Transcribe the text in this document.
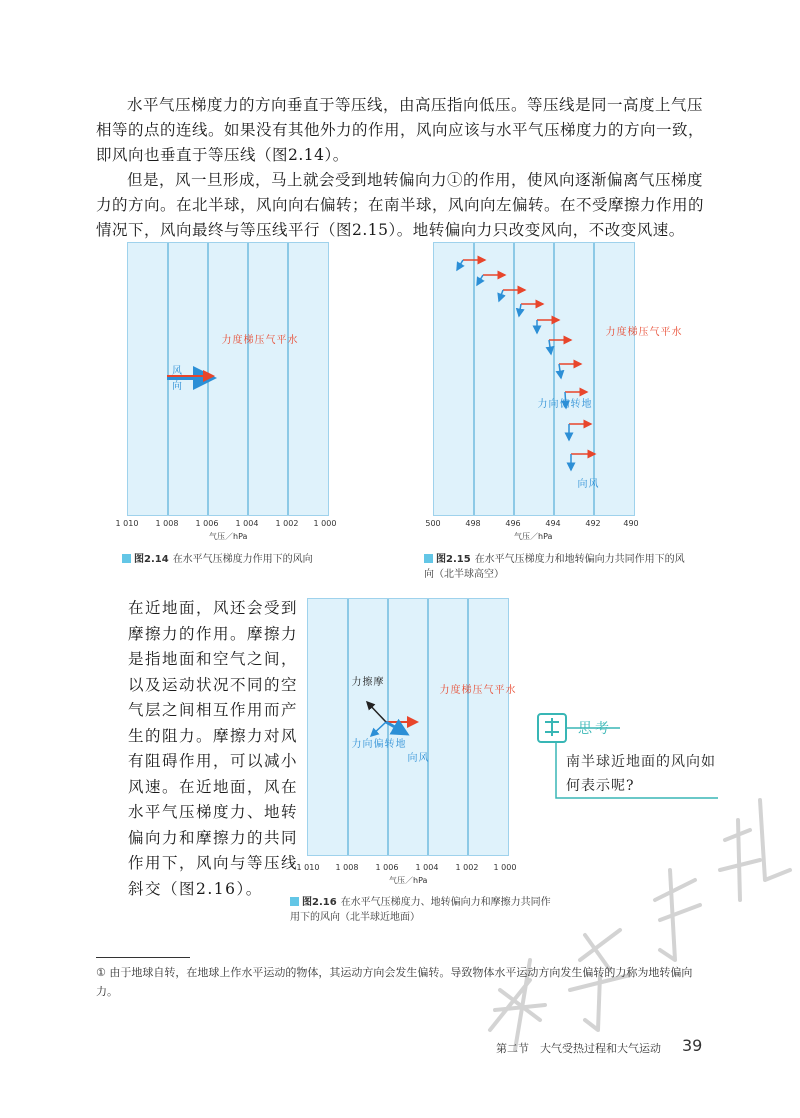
水平气压梯度力的方向垂直于等压线，由高压指向低压。等压线是同一高度上气压相等的点的连线。如果没有其他外力的作用，风向应该与水平气压梯度力的方向一致，即风向也垂直于等压线（图2.14）。

但是，风一旦形成，马上就会受到地转偏向力①的作用，使风向逐渐偏离气压梯度力的方向。在北半球，风向向右偏转；在南半球，风向向左偏转。在不受摩擦力作用的情况下，风向最终与等压线平行（图2.15）。地转偏向力只改变风向，不改变风速。

风向
水平气压梯度力
1 010 1 008 1 006 1 004 1 002 1 000
气压／hPa
图2.14 在水平气压梯度力作用下的风向
水平气压梯度力
地转偏向力
风向
500	498	496	494	492	490
气压／hPa
图2.15 在水平气压梯度力和地转偏向力共同作用下的风向（北半球高空）

在近地面，风还会受到摩擦力的作用。摩擦力是指地面和空气之间，以及运动状况不同的空气层之间相互作用而产生的阻力。摩擦力对风有阻碍作用，可以减小风速。在近地面，风在水平气压梯度力、地转偏向力和摩擦力的共同作用下，风向与等压线斜交（图2.16）。

摩擦力
地转偏向力
风向
水平气压梯度力
1 010 1 008 1 006 1 004 1 002 1 000
气压／hPa
图2.16 在水平气压梯度力、地转偏向力和摩擦力共同作用下的风向（北半球近地面）
思考
南半球近地面的风向如何表示呢?
① 由于地球自转，在地球上作水平运动的物体，其运动方向会发生偏转。导致物体水平运动方向发生偏转的力称为地转偏向力。
第二节　大气受热过程和大气运动 39
